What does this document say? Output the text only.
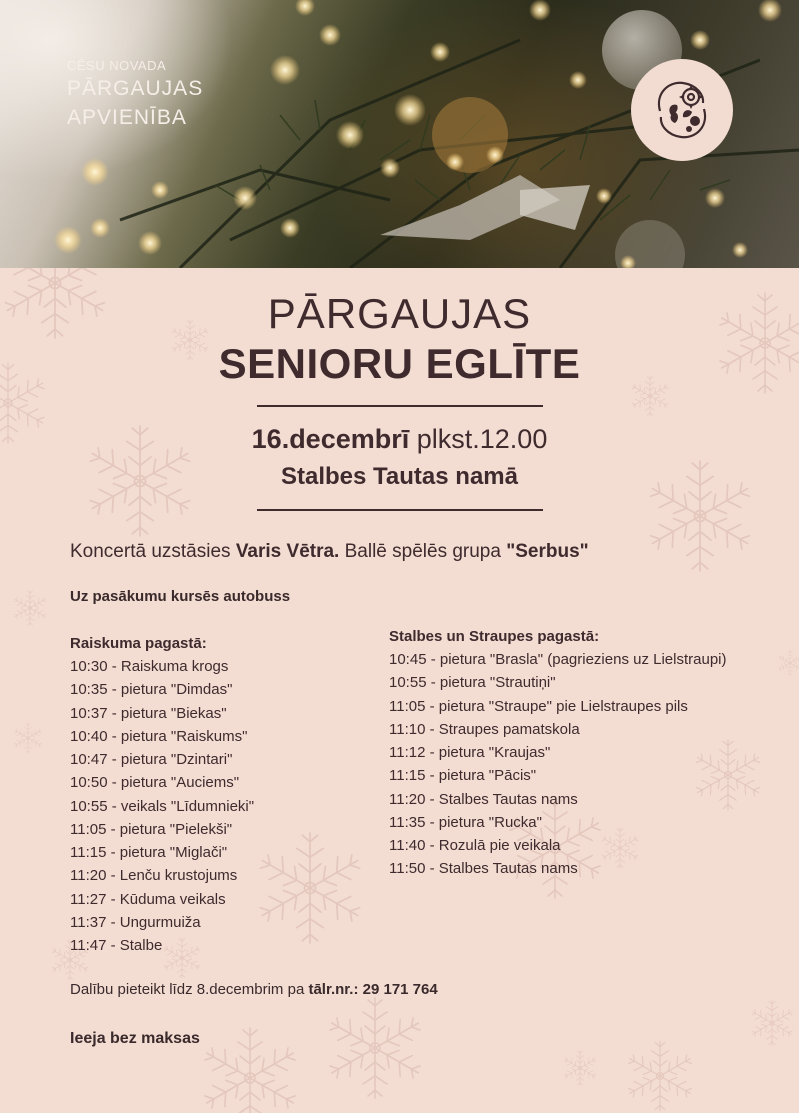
CĒSU NOVADA
PĀRGAUJAS
APVIENĪBA
PĀRGAUJAS
SENIORU EGLĪTE
16.decembrī plkst.12.00
Stalbes Tautas namā
Koncertā uzstāsies Varis Vētra. Ballē spēlēs grupa "Serbus"
Uz pasākumu kursēs autobuss
Raiskuma pagastā:
10:30 - Raiskuma krogs
10:35 - pietura "Dimdas"
10:37 - pietura "Biekas"
10:40 - pietura "Raiskums"
10:47 - pietura "Dzintari"
10:50 - pietura "Auciems"
10:55 - veikals "Līdumnieki"
11:05 - pietura "Pielekši"
11:15 - pietura "Miglači"
11:20 - Lenču krustojums
11:27 - Kūduma veikals
11:37 - Ungurmuiža
11:47 - Stalbe
Stalbes un Straupes pagastā:
10:45 - pietura "Brasla" (pagrieziens uz Lielstraupi)
10:55 - pietura "Strautiņi"
11:05 - pietura "Straupe" pie Lielstraupes pils
11:10 - Straupes pamatskola
11:12 - pietura "Kraujas"
11:15 - pietura "Pācis"
11:20 - Stalbes Tautas nams
11:35 - pietura "Rucka"
11:40 - Rozulā pie veikala
11:50 - Stalbes Tautas nams
Dalību pieteikt līdz 8.decembrim pa tālr.nr.: 29 171 764
Ieeja bez maksas
